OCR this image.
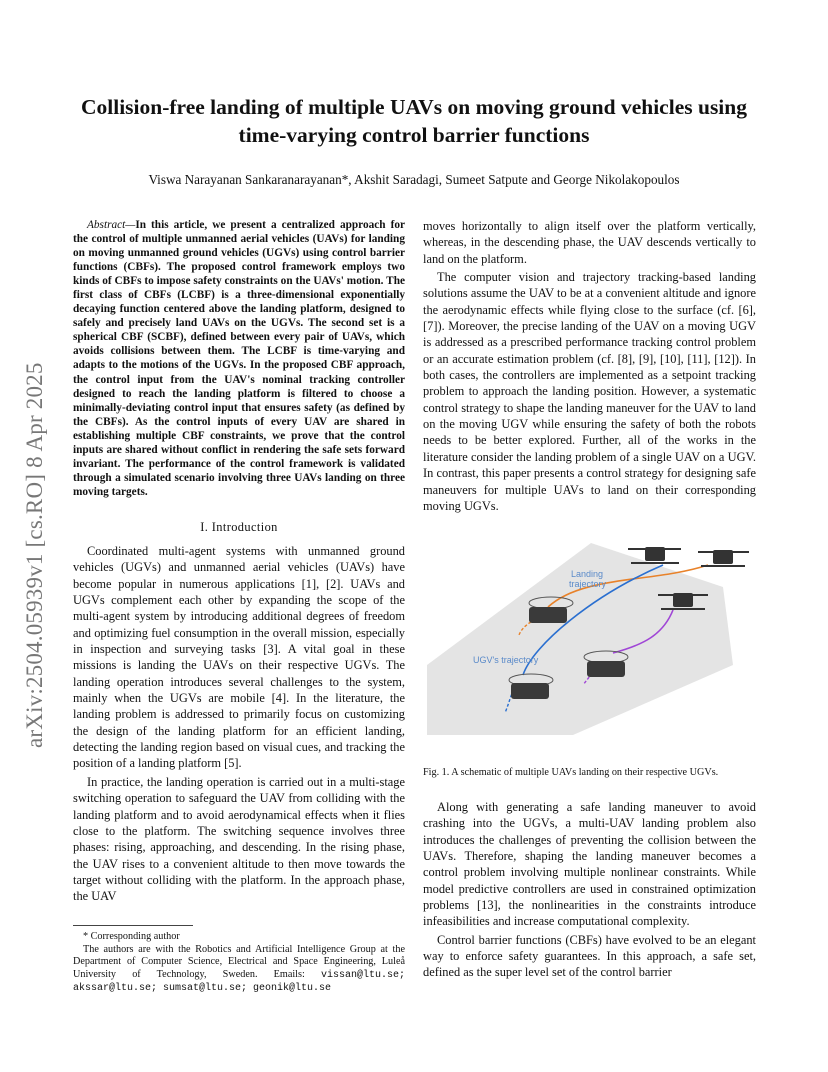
Collision-free landing of multiple UAVs on moving ground vehicles using time-varying control barrier functions
Viswa Narayanan Sankaranarayanan*, Akshit Saradagi, Sumeet Satpute and George Nikolakopoulos
arXiv:2504.05939v1 [cs.RO] 8 Apr 2025
Abstract—In this article, we present a centralized approach for the control of multiple unmanned aerial vehicles (UAVs) for landing on moving unmanned ground vehicles (UGVs) using control barrier functions (CBFs). The proposed control framework employs two kinds of CBFs to impose safety constraints on the UAVs' motion. The first class of CBFs (LCBF) is a three-dimensional exponentially decaying function centered above the landing platform, designed to safely and precisely land UAVs on the UGVs. The second set is a spherical CBF (SCBF), defined between every pair of UAVs, which avoids collisions between them. The LCBF is time-varying and adapts to the motions of the UGVs. In the proposed CBF approach, the control input from the UAV's nominal tracking controller designed to reach the landing platform is filtered to choose a minimally-deviating control input that ensures safety (as defined by the CBFs). As the control inputs of every UAV are shared in establishing multiple CBF constraints, we prove that the control inputs are shared without conflict in rendering the safe sets forward invariant. The performance of the control framework is validated through a simulated scenario involving three UAVs landing on three moving targets.
I. Introduction

Coordinated multi-agent systems with unmanned ground vehicles (UGVs) and unmanned aerial vehicles (UAVs) have become popular in numerous applications [1], [2]. UAVs and UGVs complement each other by expanding the scope of the multi-agent system by introducing additional degrees of freedom and optimizing fuel consumption in the overall mission, especially in inspection and surveying tasks [3]. A vital goal in these missions is landing the UAVs on their respective UGVs. The landing operation introduces several challenges to the system, mainly when the UGVs are mobile [4]. In the literature, the landing problem is addressed to primarily focus on customizing the design of the landing platform for an efficient landing, detecting the landing region based on visual cues, and tracking the position of a landing platform [5].

In practice, the landing operation is carried out in a multi-stage switching operation to safeguard the UAV from colliding with the landing platform and to avoid aerodynamical effects when it flies close to the platform. The switching sequence involves three phases: rising, approaching, and descending. In the rising phase, the UAV rises to a convenient altitude to then move towards the target without colliding with the platform. In the approach phase, the UAV

moves horizontally to align itself over the platform vertically, whereas, in the descending phase, the UAV descends vertically to land on the platform.

The computer vision and trajectory tracking-based landing solutions assume the UAV to be at a convenient altitude and ignore the aerodynamic effects while flying close to the surface (cf. [6], [7]). Moreover, the precise landing of the UAV on a moving UGV is addressed as a prescribed performance tracking control problem or an accurate estimation problem (cf. [8], [9], [10], [11], [12]). In both cases, the controllers are implemented as a setpoint tracking problem to approach the landing position. However, a systematic control strategy to shape the landing maneuver for the UAV to land on the moving UGV while ensuring the safety of both the robots needs to be better explored. Further, all of the works in the literature consider the landing problem of a single UAV on a UGV. In contrast, this paper presents a control strategy for designing safe maneuvers for multiple UAVs to land on their corresponding moving UGVs.

Landing
trajectory
UGV's trajectory
Fig. 1. A schematic of multiple UAVs landing on their respective UGVs.

Along with generating a safe landing maneuver to avoid crashing into the UGVs, a multi-UAV landing problem also introduces the challenges of preventing the collision between the UAVs. Therefore, shaping the landing maneuver becomes a control problem involving multiple nonlinear constraints. While model predictive controllers are used in constrained optimization problems [13], the nonlinearities in the constraints introduce infeasibilities and increase computational complexity.

Control barrier functions (CBFs) have evolved to be an elegant way to enforce safety guarantees. In this approach, a safe set, defined as the super level set of the control barrier

* Corresponding author
The authors are with the Robotics and Artificial Intelligence Group at the Department of Computer Science, Electrical and Space Engineering, Luleå University of Technology, Sweden. Emails: vissan@ltu.se; akssar@ltu.se; sumsat@ltu.se; geonik@ltu.se
